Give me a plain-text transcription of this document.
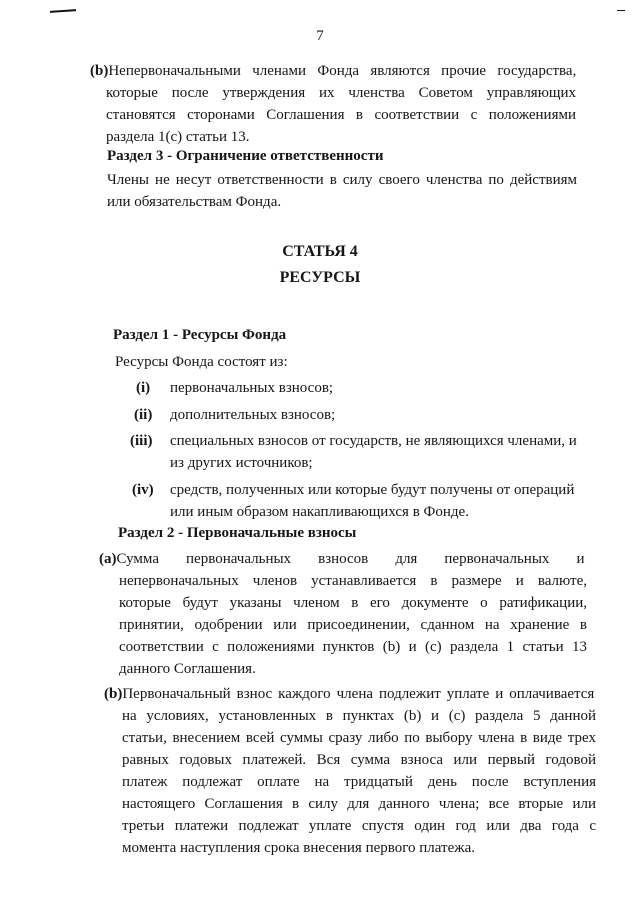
7
(b)Непервоначальными членами Фонда являются прочие государства,
которые после утверждения их членства Советом управляющих
становятся сторонами Соглашения в соответствии с положениями
раздела 1(с) статьи 13.
Раздел 3 - Ограничение ответственности
Члены не несут ответственности в силу своего членства по действиям
или обязательствам Фонда.
СТАТЬЯ 4
РЕСУРСЫ
Раздел 1 - Ресурсы Фонда
Ресурсы Фонда состоят из:
(i) первоначальных взносов;
(ii) дополнительных взносов;
(iii) специальных взносов от государств, не являющихся членами, и
из других источников;
(iv) средств, полученных или которые будут получены от операций
или иным образом накапливающихся в Фонде.
Раздел 2 - Первоначальные взносы
(a)Сумма первоначальных взносов для первоначальных и
непервоначальных членов устанавливается в размере и валюте,
которые будут указаны членом в его документе о ратификации,
принятии, одобрении или присоединении, сданном на хранение в
соответствии с положениями пунктов (b) и (с) раздела 1 статьи 13
данного Соглашения.
(b)Первоначальный взнос каждого члена подлежит уплате и оплачивается
на условиях, установленных в пунктах (b) и (с) раздела 5 данной
статьи, внесением всей суммы сразу либо по выбору члена в виде трех
равных годовых платежей. Вся сумма взноса или первый годовой
платеж подлежат оплате на тридцатый день после вступления
настоящего Соглашения в силу для данного члена; все вторые или
третьи платежи подлежат уплате спустя один год или два года с
момента наступления срока внесения первого платежа.
